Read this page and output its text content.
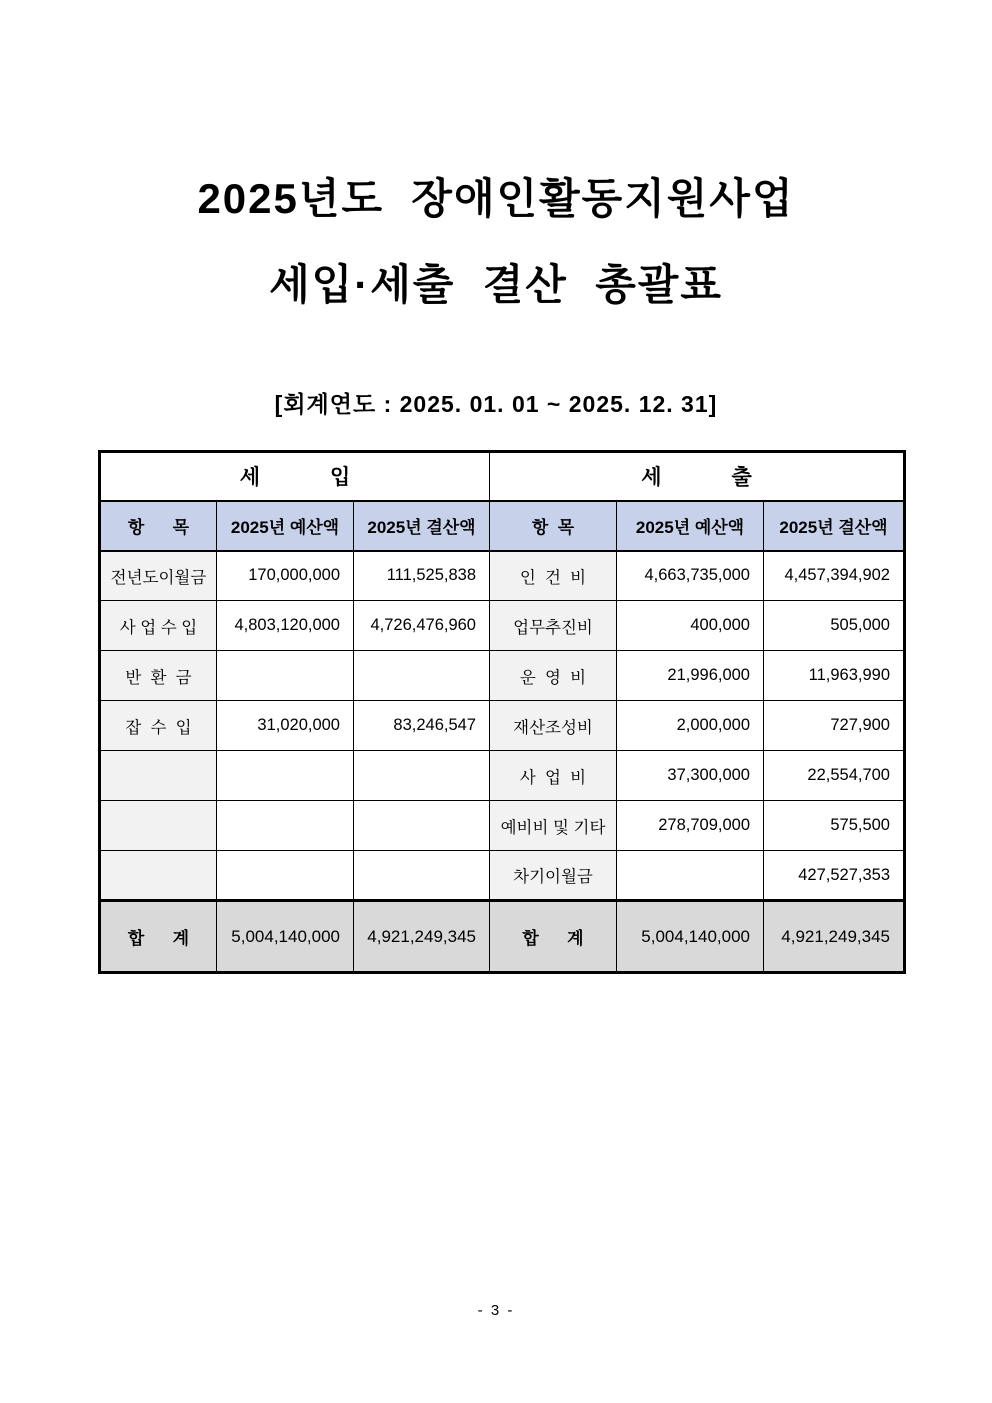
2025년도  장애인활동지원사업
세입·세출  결산  총괄표
[회계연도 : 2025. 01. 01 ~ 2025. 12. 31]
세            입			세            출		
항      목	2025년 예산액	2025년 결산액	항  목	2025년 예산액	2025년 결산액
전년도이월금	170,000,000	111,525,838	인  건  비	4,663,735,000	4,457,394,902
사 업 수 입	4,803,120,000	4,726,476,960	업무추진비	400,000	505,000
반  환  금			운  영  비	21,996,000	11,963,990
잡  수  입	31,020,000	83,246,547	재산조성비	2,000,000	727,900
			사  업  비	37,300,000	22,554,700
			예비비 및 기타	278,709,000	575,500
			차기이월금		427,527,353
합      계	5,004,140,000	4,921,249,345	합      계	5,004,140,000	4,921,249,345
- 3 -
